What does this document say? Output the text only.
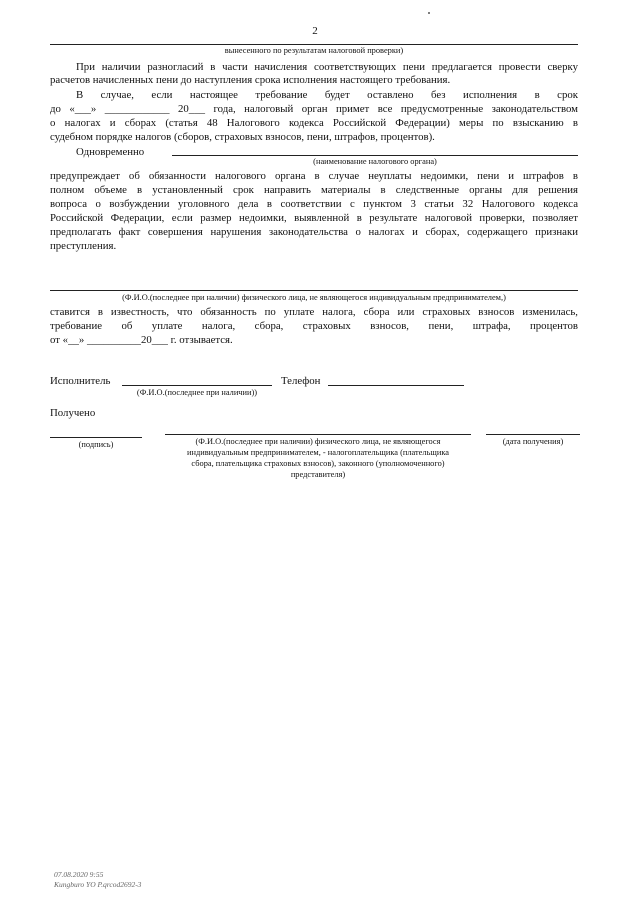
2
вынесенного по результатам налоговой проверки)
При наличии разногласий в части начисления соответствующих пени предлагается провести сверку
расчетов начисленных пени до наступления срока исполнения настоящего требования.
В случае, если настоящее требование будет оставлено без исполнения в срок
до «___» ____________ 20___ года, налоговый орган примет все предусмотренные законодательством
о налогах и сборах (статья 48 Налогового кодекса Российской Федерации) меры по взысканию в
судебном порядке налогов (сборов, страховых взносов, пени, штрафов, процентов).
Одновременно
(наименование налогового органа)
предупреждает об обязанности налогового органа в случае неуплаты недоимки, пени и штрафов в
полном объеме в установленный срок направить материалы в следственные органы для решения
вопроса о возбуждении уголовного дела в соответствии с пунктом 3 статьи 32 Налогового кодекса
Российской Федерации, если размер недоимки, выявленной в результате налоговой проверки, позволяет
предполагать факт совершения нарушения законодательства о налогах и сборах, содержащего признаки
преступления.
(Ф.И.О.(последнее при наличии) физического лица, не являющегося индивидуальным предпринимателем,)
ставится в известность, что обязанность по уплате налога, сбора или страховых взносов изменилась,
требование об уплате налога, сбора, страховых взносов, пени, штрафа, процентов
от «__» __________20___ г. отзывается.
Исполнитель
(Ф.И.О.(последнее при наличии))
Телефон
Получено
(подпись)	(Ф.И.О.(последнее при наличии) физического лица, не являющегося
индивидуальным предпринимателем, - налогоплательщика (плательщика
сбора, плательщика страховых взносов), законного (уполномоченного)
представителя)
(дата получения)
07.08.2020 9:55
Kungburo YO P.qrcod2692-3
